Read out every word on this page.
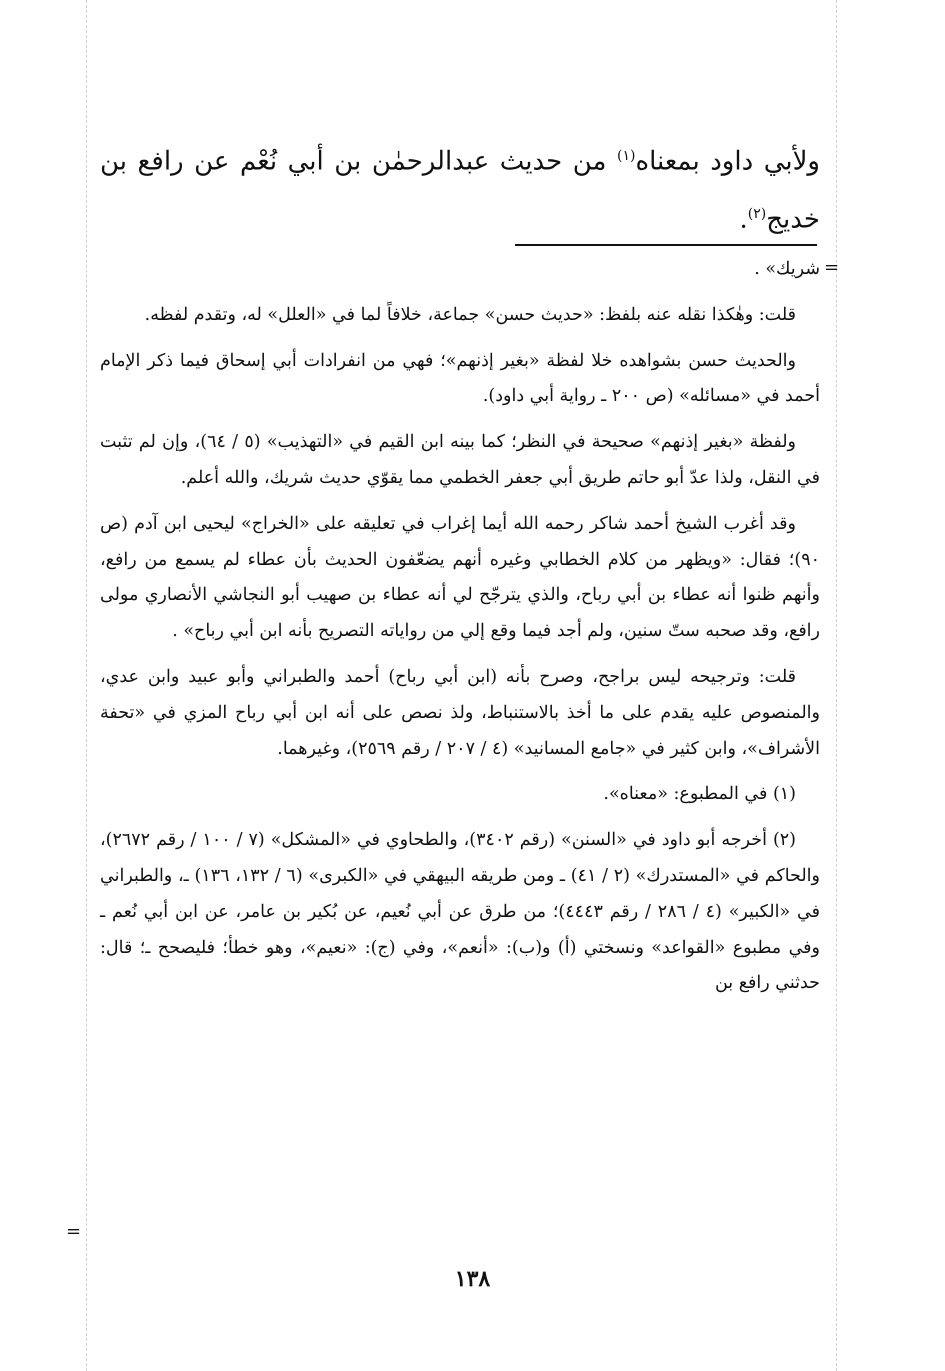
ولأبي داود بمعناه$^{(١)}$ من حديث عبدالرحمٰن بن أبي نُعْم عن رافع بن خديج$^{(٢)}$.

=

شريك» .

قلت: وهٰكذا نقله عنه بلفظ: «حديث حسن» جماعة، خلافاً لما في «العلل» له، وتقدم لفظه.

والحديث حسن بشواهده خلا لفظة «بغير إذنهم»؛ فهي من انفرادات أبي إسحاق فيما ذكر الإمام أحمد في «مسائله» (ص ٢٠٠ ـ رواية أبي داود).

ولفظة «بغير إذنهم» صحيحة في النظر؛ كما بينه ابن القيم في «التهذيب» (٥ / ٦٤)، وإن لم تثبت في النقل، ولذا عدّ أبو حاتم طريق أبي جعفر الخطمي مما يقوّي حديث شريك، والله أعلم.

وقد أغرب الشيخ أحمد شاكر رحمه الله أيما إغراب في تعليقه على «الخراج» ليحيى ابن آدم (ص ٩٠)؛ فقال: «ويظهر من كلام الخطابي وغيره أنهم يضعّفون الحديث بأن عطاء لم يسمع من رافع، وأنهم ظنوا أنه عطاء بن أبي رباح، والذي يترجّح لي أنه عطاء بن صهيب أبو النجاشي الأنصاري مولى رافع، وقد صحبه ستّ سنين، ولم أجد فيما وقع إلي من رواياته التصريح بأنه ابن أبي رباح» .

قلت: وترجيحه ليس براجح، وصرح بأنه (ابن أبي رباح) أحمد والطبراني وأبو عبيد وابن عدي، والمنصوص عليه يقدم على ما أخذ بالاستنباط، ولذ نصص على أنه ابن أبي رباح المزي في «تحفة الأشراف»، وابن كثير في «جامع المسانيد» (٤ / ٢٠٧ / رقم ٢٥٦٩)، وغيرهما.

(١) في المطبوع: «معناه».

(٢) أخرجه أبو داود في «السنن» (رقم ٣٤٠٢)، والطحاوي في «المشكل» (٧ / ١٠٠ / رقم ٢٦٧٢)، والحاكم في «المستدرك» (٢ / ٤١) ـ ومن طريقه البيهقي في «الكبرى» (٦ / ١٣٢، ١٣٦) ـ، والطبراني في «الكبير» (٤ / ٢٨٦ / رقم ٤٤٤٣)؛ من طرق عن أبي نُعيم، عن بُكير بن عامر، عن ابن أبي نُعم ـ وفي مطبوع «القواعد» ونسختي (أ) و(ب): «أنعم»، وفي (ج): «نعيم»، وهو خطأ؛ فليصحح ـ؛ قال: حدثني رافع بن

=
١٣٨
